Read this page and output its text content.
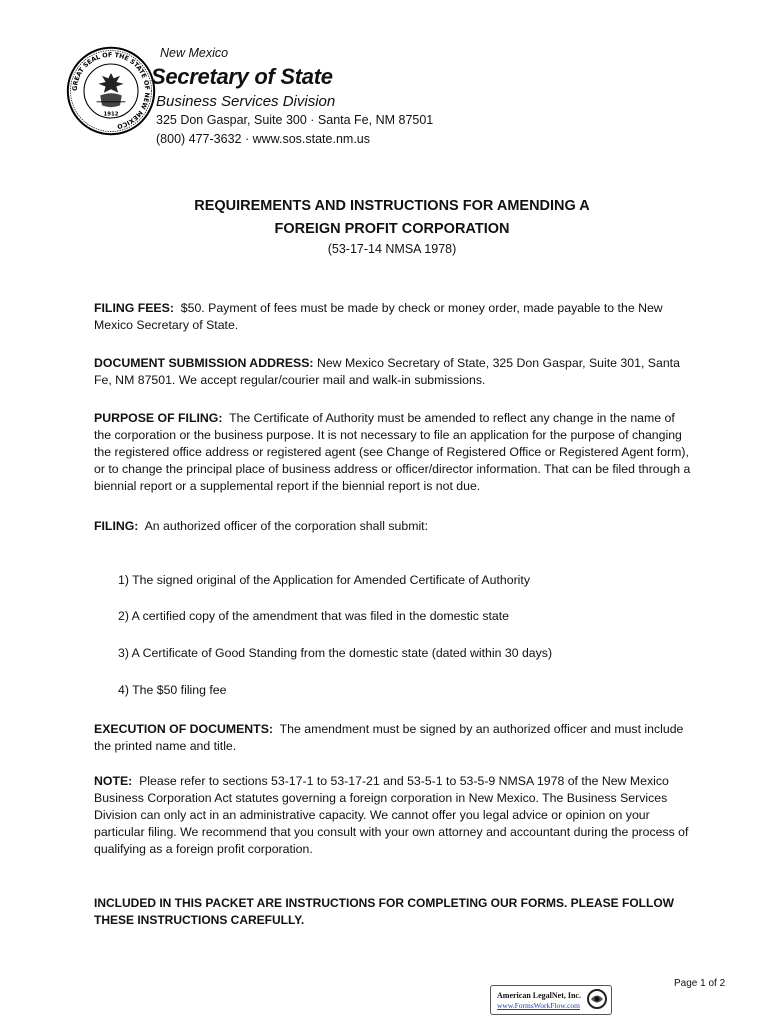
GREAT SEAL OF THE STATE OF NEW MEXICO
1912
New Mexico
Secretary of State
Business Services Division
325 Don Gaspar, Suite 300 · Santa Fe, NM 87501
(800) 477-3632 · www.sos.state.nm.us
REQUIREMENTS AND INSTRUCTIONS FOR AMENDING A
FOREIGN PROFIT CORPORATION
(53-17-14 NMSA 1978)
FILING FEES: $50. Payment of fees must be made by check or money order, made payable to the New Mexico Secretary of State.
DOCUMENT SUBMISSION ADDRESS: New Mexico Secretary of State, 325 Don Gaspar, Suite 301, Santa Fe, NM 87501. We accept regular/courier mail and walk-in submissions.
PURPOSE OF FILING: The Certificate of Authority must be amended to reflect any change in the name of the corporation or the business purpose. It is not necessary to file an application for the purpose of changing the registered office address or registered agent (see Change of Registered Office or Registered Agent form), or to change the principal place of business address or officer/director information. That can be filed through a biennial report or a supplemental report if the biennial report is not due.
FILING: An authorized officer of the corporation shall submit:
1) The signed original of the Application for Amended Certificate of Authority
2) A certified copy of the amendment that was filed in the domestic state
3) A Certificate of Good Standing from the domestic state (dated within 30 days)
4) The $50 filing fee
EXECUTION OF DOCUMENTS: The amendment must be signed by an authorized officer and must include the printed name and title.
NOTE: Please refer to sections 53-17-1 to 53-17-21 and 53-5-1 to 53-5-9 NMSA 1978 of the New Mexico Business Corporation Act statutes governing a foreign corporation in New Mexico. The Business Services Division can only act in an administrative capacity. We cannot offer you legal advice or opinion on your particular filing. We recommend that you consult with your own attorney and accountant during the process of qualifying as a foreign profit corporation.
INCLUDED IN THIS PACKET ARE INSTRUCTIONS FOR COMPLETING OUR FORMS. PLEASE FOLLOW THESE INSTRUCTIONS CAREFULLY.
Page 1 of 2
American LegalNet, Inc.
www.FormsWorkFlow.com
